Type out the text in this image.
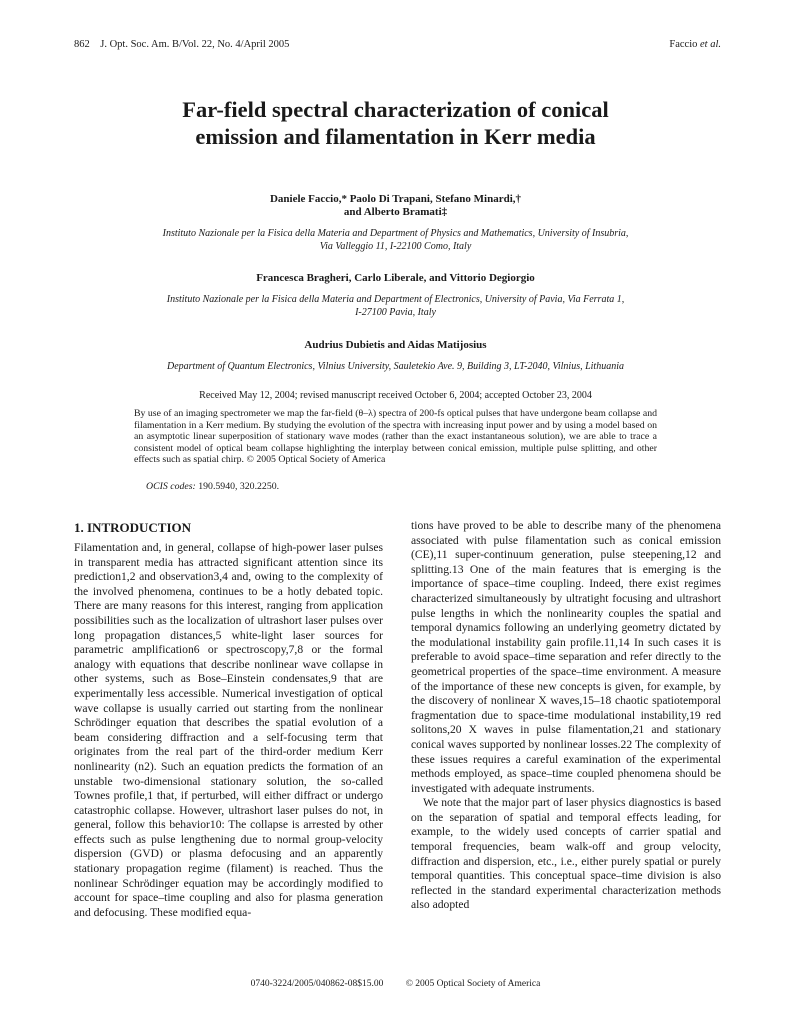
862    J. Opt. Soc. Am. B/Vol. 22, No. 4/April 2005	Faccio et al.
Far-field spectral characterization of conical
emission and filamentation in Kerr media
Daniele Faccio,* Paolo Di Trapani, Stefano Minardi,†
and Alberto Bramati‡
Instituto Nazionale per la Fisica della Materia and Department of Physics and Mathematics, University of Insubria,
Via Valleggio 11, I-22100 Como, Italy
Francesca Bragheri, Carlo Liberale, and Vittorio Degiorgio
Instituto Nazionale per la Fisica della Materia and Department of Electronics, University of Pavia, Via Ferrata 1,
I-27100 Pavia, Italy
Audrius Dubietis and Aidas Matijosius
Department of Quantum Electronics, Vilnius University, Sauletekio Ave. 9, Building 3, LT-2040, Vilnius, Lithuania
Received May 12, 2004; revised manuscript received October 6, 2004; accepted October 23, 2004
By use of an imaging spectrometer we map the far-field (θ–λ) spectra of 200-fs optical pulses that have undergone beam collapse and filamentation in a Kerr medium. By studying the evolution of the spectra with increasing input power and by using a model based on an asymptotic linear superposition of stationary wave modes (rather than the exact instantaneous solution), we are able to trace a consistent model of optical beam collapse highlighting the interplay between conical emission, multiple pulse splitting, and other effects such as spatial chirp. © 2005 Optical Society of America
OCIS codes: 190.5940, 320.2250.
1. INTRODUCTION

Filamentation and, in general, collapse of high-power laser pulses in transparent media has attracted significant attention since its prediction1,2 and observation3,4 and, owing to the complexity of the involved phenomena, continues to be a hotly debated topic. There are many reasons for this interest, ranging from application possibilities such as the localization of ultrashort laser pulses over long propagation distances,5 white-light laser sources for parametric amplification6 or spectroscopy,7,8 or the formal analogy with equations that describe nonlinear wave collapse in other systems, such as Bose–Einstein condensates,9 that are experimentally less accessible. Numerical investigation of optical wave collapse is usually carried out starting from the nonlinear Schrödinger equation that describes the spatial evolution of a beam considering diffraction and a self-focusing term that originates from the real part of the third-order medium Kerr nonlinearity (n2). Such an equation predicts the formation of an unstable two-dimensional stationary solution, the so-called Townes profile,1 that, if perturbed, will either diffract or undergo catastrophic collapse. However, ultrashort laser pulses do not, in general, follow this behavior10: The collapse is arrested by other effects such as pulse lengthening due to normal group-velocity dispersion (GVD) or plasma defocusing and an apparently stationary propagation regime (filament) is reached. Thus the nonlinear Schrödinger equation may be accordingly modified to account for space–time coupling and also for plasma generation and defocusing. These modified equa-

tions have proved to be able to describe many of the phenomena associated with pulse filamentation such as conical emission (CE),11 super-continuum generation, pulse steepening,12 and splitting.13 One of the main features that is emerging is the importance of space–time coupling. Indeed, there exist regimes characterized simultaneously by ultratight focusing and ultrashort pulse lengths in which the nonlinearity couples the spatial and temporal dynamics following an underlying geometry dictated by the modulational instability gain profile.11,14 In such cases it is preferable to avoid space–time separation and refer directly to the geometrical properties of the space–time environment. A measure of the importance of these new concepts is given, for example, by the discovery of nonlinear X waves,15–18 chaotic spatiotemporal fragmentation due to space-time modulational instability,19 red solitons,20 X waves in pulse filamentation,21 and stationary conical waves supported by nonlinear losses.22 The complexity of these issues requires a careful examination of the experimental methods employed, as space–time coupled phenomena should be investigated with adequate instruments.

We note that the major part of laser physics diagnostics is based on the separation of spatial and temporal effects leading, for example, to the widely used concepts of carrier spatial and temporal frequencies, beam walk-off and group velocity, diffraction and dispersion, etc., i.e., either purely spatial or purely temporal quantities. This conceptual space–time division is also reflected in the standard experimental characterization methods also adopted

0740-3224/2005/040862-08$15.00 © 2005 Optical Society of America
